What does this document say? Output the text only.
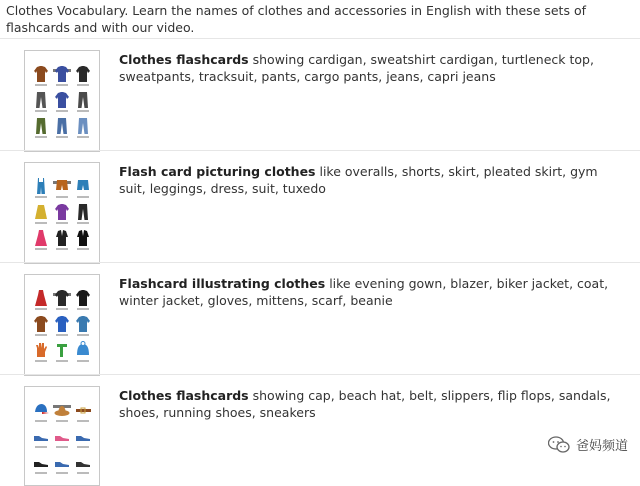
Clothes Vocabulary. Learn the names of clothes and accessories in English with these sets of flashcards and with our video.
Clothes flashcards showing cardigan, sweatshirt cardigan, turtleneck top, sweatpants, tracksuit, pants, cargo pants, jeans, capri jeans
Flash card picturing clothes like overalls, shorts, skirt, pleated skirt, gym suit, leggings, dress, suit, tuxedo
Flashcard illustrating clothes like evening gown, blazer, biker jacket, coat, winter jacket, gloves, mittens, scarf, beanie
Clothes flashcards showing cap, beach hat, belt, slippers, flip flops, sandals, shoes, running shoes, sneakers
爸妈频道
